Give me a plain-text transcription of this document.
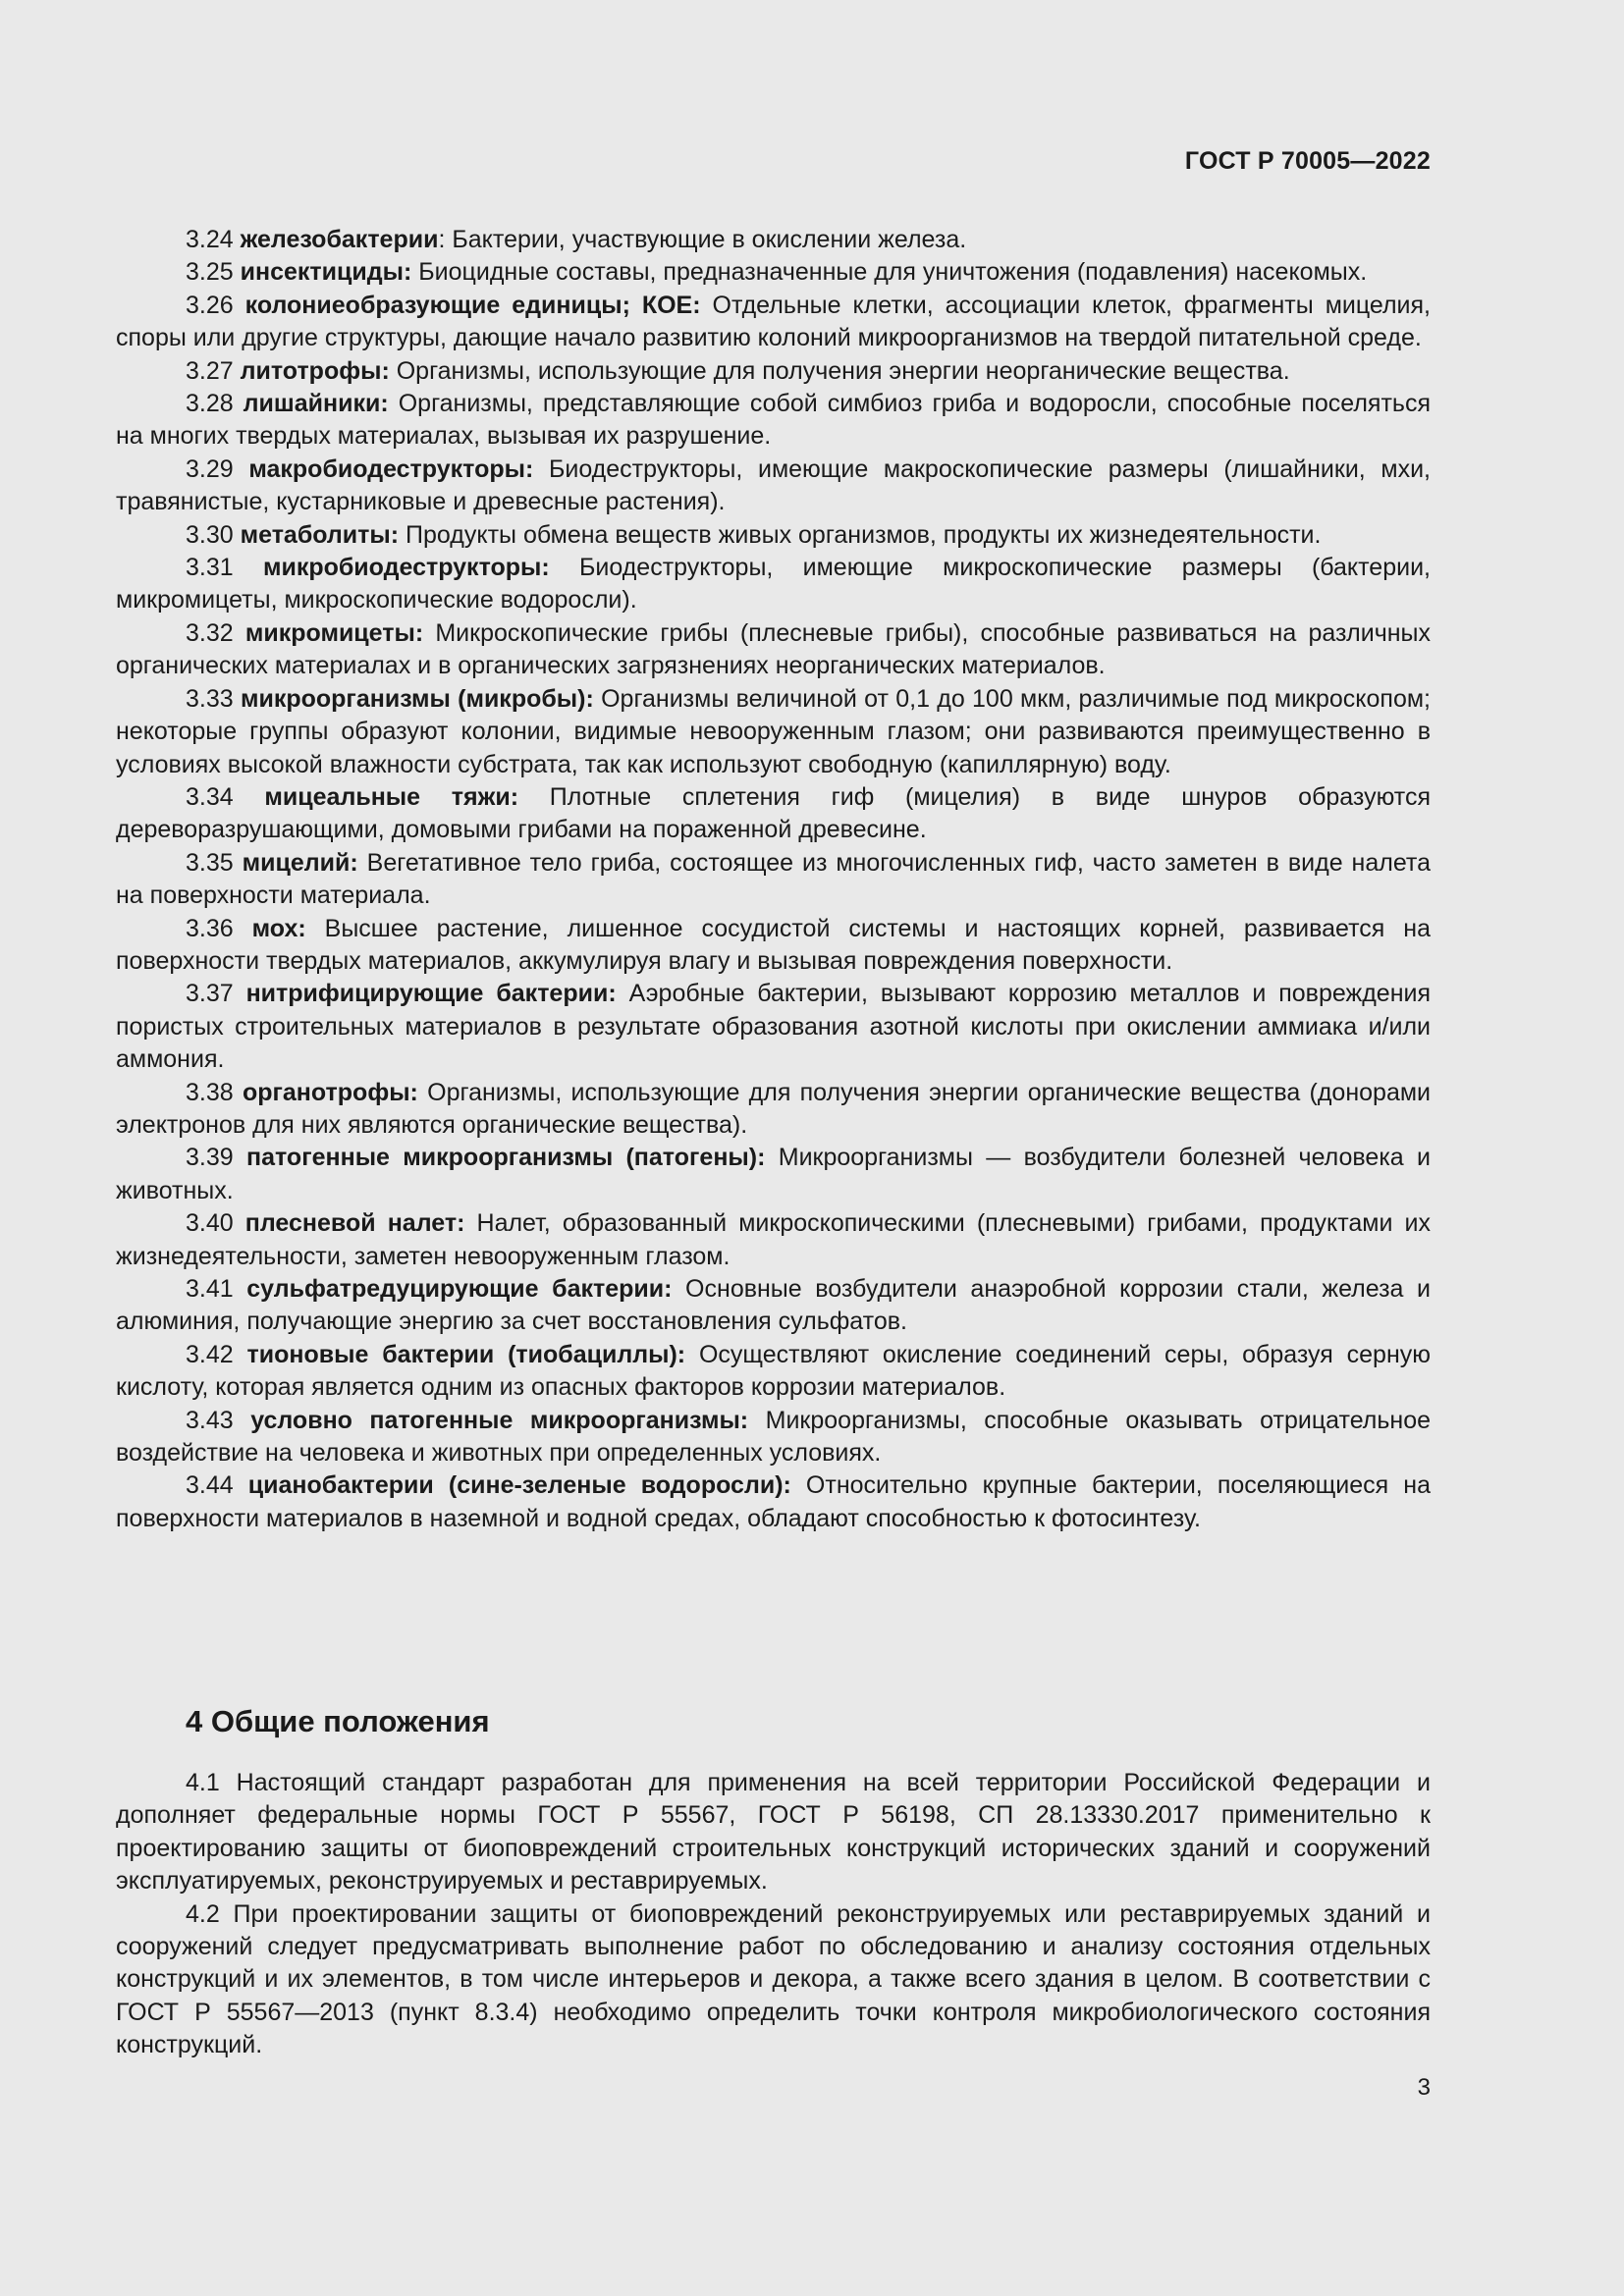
ГОСТ Р 70005—2022

3.24 железобактерии: Бактерии, участвующие в окислении железа.

3.25 инсектициды: Биоцидные составы, предназначенные для уничтожения (подавления) насекомых.

3.26 колониеобразующие единицы; КОЕ: Отдельные клетки, ассоциации клеток, фрагменты мицелия, споры или другие структуры, дающие начало развитию колоний микроорганизмов на твердой питательной среде.

3.27 литотрофы: Организмы, использующие для получения энергии неорганические вещества.

3.28 лишайники: Организмы, представляющие собой симбиоз гриба и водоросли, способные поселяться на многих твердых материалах, вызывая их разрушение.

3.29 макробиодеструкторы: Биодеструкторы, имеющие макроскопические размеры (лишайники, мхи, травянистые, кустарниковые и древесные растения).

3.30 метаболиты: Продукты обмена веществ живых организмов, продукты их жизнедеятельности.

3.31 микробиодеструкторы: Биодеструкторы, имеющие микроскопические размеры (бактерии, микромицеты, микроскопические водоросли).

3.32 микромицеты: Микроскопические грибы (плесневые грибы), способные развиваться на различных органических материалах и в органических загрязнениях неорганических материалов.

3.33 микроорганизмы (микробы): Организмы величиной от 0,1 до 100 мкм, различимые под микроскопом; некоторые группы образуют колонии, видимые невооруженным глазом; они развиваются преимущественно в условиях высокой влажности субстрата, так как используют свободную (капиллярную) воду.

3.34 мицеальные тяжи: Плотные сплетения гиф (мицелия) в виде шнуров образуются дереворазрушающими, домовыми грибами на пораженной древесине.

3.35 мицелий: Вегетативное тело гриба, состоящее из многочисленных гиф, часто заметен в виде налета на поверхности материала.

3.36 мох: Высшее растение, лишенное сосудистой системы и настоящих корней, развивается на поверхности твердых материалов, аккумулируя влагу и вызывая повреждения поверхности.

3.37 нитрифицирующие бактерии: Аэробные бактерии, вызывают коррозию металлов и повреждения пористых строительных материалов в результате образования азотной кислоты при окислении аммиака и/или аммония.

3.38 органотрофы: Организмы, использующие для получения энергии органические вещества (донорами электронов для них являются органические вещества).

3.39 патогенные микроорганизмы (патогены): Микроорганизмы — возбудители болезней человека и животных.

3.40 плесневой налет: Налет, образованный микроскопическими (плесневыми) грибами, продуктами их жизнедеятельности, заметен невооруженным глазом.

3.41 сульфатредуцирующие бактерии: Основные возбудители анаэробной коррозии стали, железа и алюминия, получающие энергию за счет восстановления сульфатов.

3.42 тионовые бактерии (тиобациллы): Осуществляют окисление соединений серы, образуя серную кислоту, которая является одним из опасных факторов коррозии материалов.

3.43 условно патогенные микроорганизмы: Микроорганизмы, способные оказывать отрицательное воздействие на человека и животных при определенных условиях.

3.44 цианобактерии (сине-зеленые водоросли): Относительно крупные бактерии, поселяющиеся на поверхности материалов в наземной и водной средах, обладают способностью к фотосинтезу.

4 Общие положения

4.1 Настоящий стандарт разработан для применения на всей территории Российской Федерации и дополняет федеральные нормы ГОСТ Р 55567, ГОСТ Р 56198, СП 28.13330.2017 применительно к проектированию защиты от биоповреждений строительных конструкций исторических зданий и сооружений эксплуатируемых, реконструируемых и реставрируемых.

4.2 При проектировании защиты от биоповреждений реконструируемых или реставрируемых зданий и сооружений следует предусматривать выполнение работ по обследованию и анализу состояния отдельных конструкций и их элементов, в том числе интерьеров и декора, а также всего здания в целом. В соответствии с ГОСТ Р 55567—2013 (пункт 8.3.4) необходимо определить точки контроля микробиологического состояния конструкций.

3
